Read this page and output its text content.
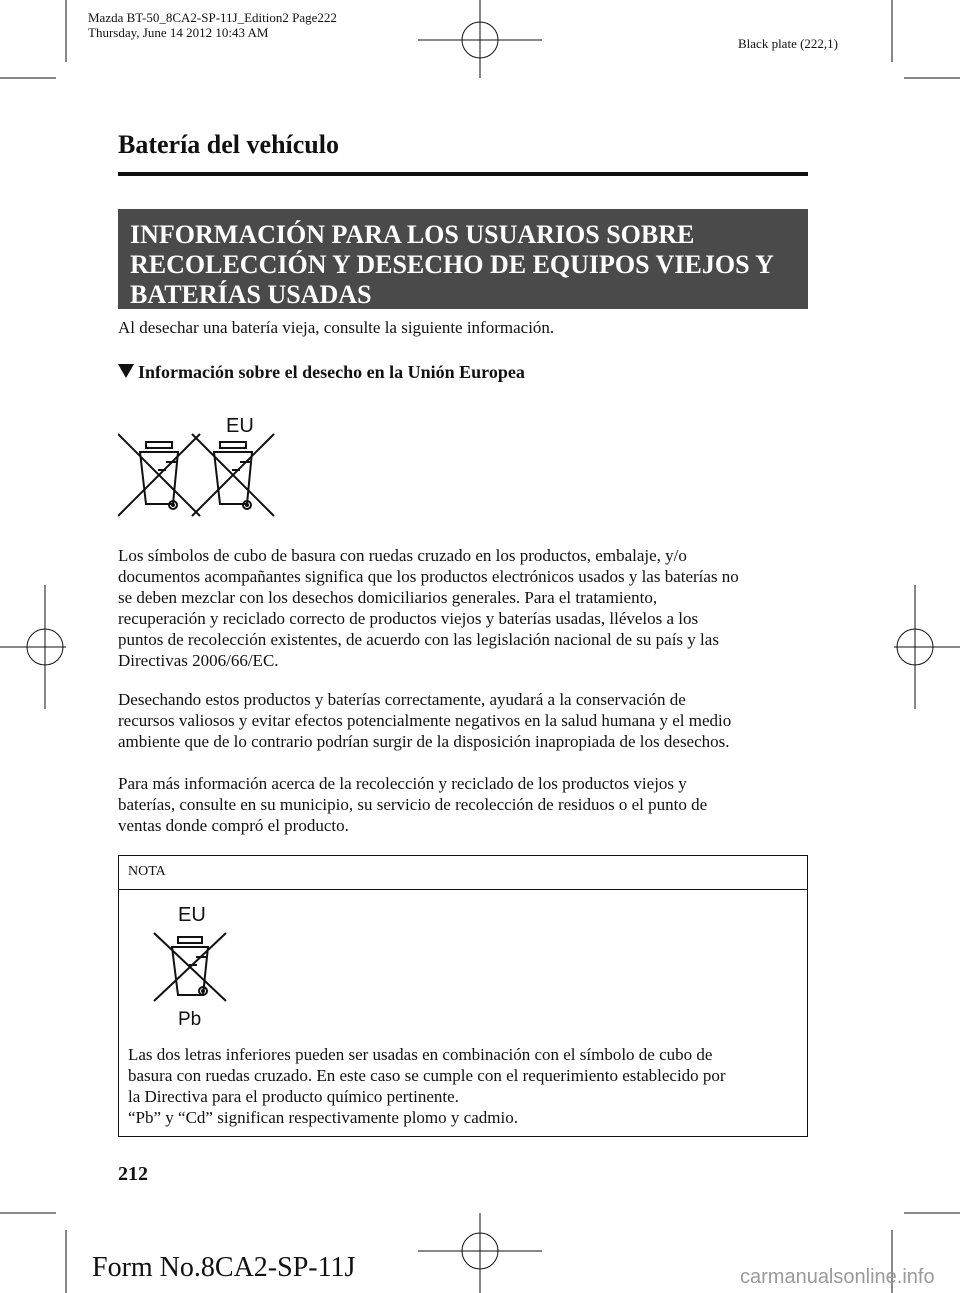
Mazda BT-50_8CA2-SP-11J_Edition2 Page222
Thursday, June 14 2012 10:43 AM
Black plate (222,1)
Batería del vehículo
INFORMACIÓN PARA LOS USUARIOS SOBRE
RECOLECCIÓN Y DESECHO DE EQUIPOS VIEJOS Y
BATERÍAS USADAS
Al desechar una batería vieja, consulte la siguiente información.
Información sobre el desecho en la Unión Europea
EU
Los símbolos de cubo de basura con ruedas cruzado en los productos, embalaje, y/o
documentos acompañantes significa que los productos electrónicos usados y las baterías no
se deben mezclar con los desechos domiciliarios generales. Para el tratamiento,
recuperación y reciclado correcto de productos viejos y baterías usadas, llévelos a los
puntos de recolección existentes, de acuerdo con las legislación nacional de su país y las
Directivas 2006/66/EC.
Desechando estos productos y baterías correctamente, ayudará a la conservación de
recursos valiosos y evitar efectos potencialmente negativos en la salud humana y el medio
ambiente que de lo contrario podrían surgir de la disposición inapropiada de los desechos.
Para más información acerca de la recolección y reciclado de los productos viejos y
baterías, consulte en su municipio, su servicio de recolección de residuos o el punto de
ventas donde compró el producto.
NOTA
EU
Pb
Las dos letras inferiores pueden ser usadas en combinación con el símbolo de cubo de
basura con ruedas cruzado. En este caso se cumple con el requerimiento establecido por
la Directiva para el producto químico pertinente.
“Pb” y “Cd” significan respectivamente plomo y cadmio.
212
Form No.8CA2-SP-11J	carmanualsonline.info
